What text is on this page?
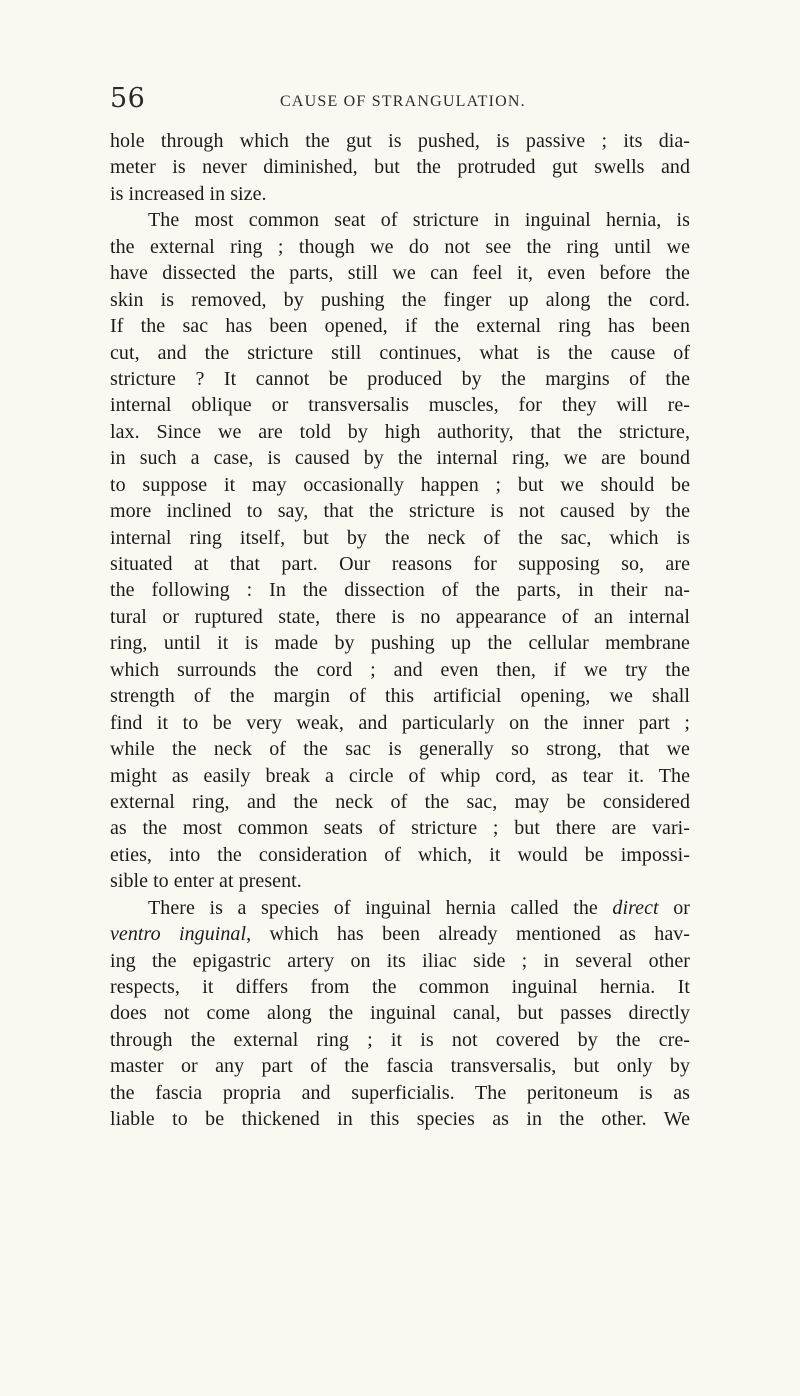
56	CAUSE OF STRANGULATION.
hole through which the gut is pushed, is passive ; its dia-
meter is never diminished, but the protruded gut swells and
is increased in size.
The most common seat of stricture in inguinal hernia, is
the external ring ; though we do not see the ring until we
have dissected the parts, still we can feel it, even before the
skin is removed, by pushing the finger up along the cord.
If the sac has been opened, if the external ring has been
cut, and the stricture still continues, what is the cause of
stricture ? It cannot be produced by the margins of the
internal oblique or transversalis muscles, for they will re-
lax. Since we are told by high authority, that the stricture,
in such a case, is caused by the internal ring, we are bound
to suppose it may occasionally happen ; but we should be
more inclined to say, that the stricture is not caused by the
internal ring itself, but by the neck of the sac, which is
situated at that part. Our reasons for supposing so, are
the following : In the dissection of the parts, in their na-
tural or ruptured state, there is no appearance of an internal
ring, until it is made by pushing up the cellular membrane
which surrounds the cord ; and even then, if we try the
strength of the margin of this artificial opening, we shall
find it to be very weak, and particularly on the inner part ;
while the neck of the sac is generally so strong, that we
might as easily break a circle of whip cord, as tear it. The
external ring, and the neck of the sac, may be considered
as the most common seats of stricture ; but there are vari-
eties, into the consideration of which, it would be impossi-
sible to enter at present.
There is a species of inguinal hernia called the direct or
ventro inguinal, which has been already mentioned as hav-
ing the epigastric artery on its iliac side ; in several other
respects, it differs from the common inguinal hernia. It
does not come along the inguinal canal, but passes directly
through the external ring ; it is not covered by the cre-
master or any part of the fascia transversalis, but only by
the fascia propria and superficialis. The peritoneum is as
liable to be thickened in this species as in the other. We
